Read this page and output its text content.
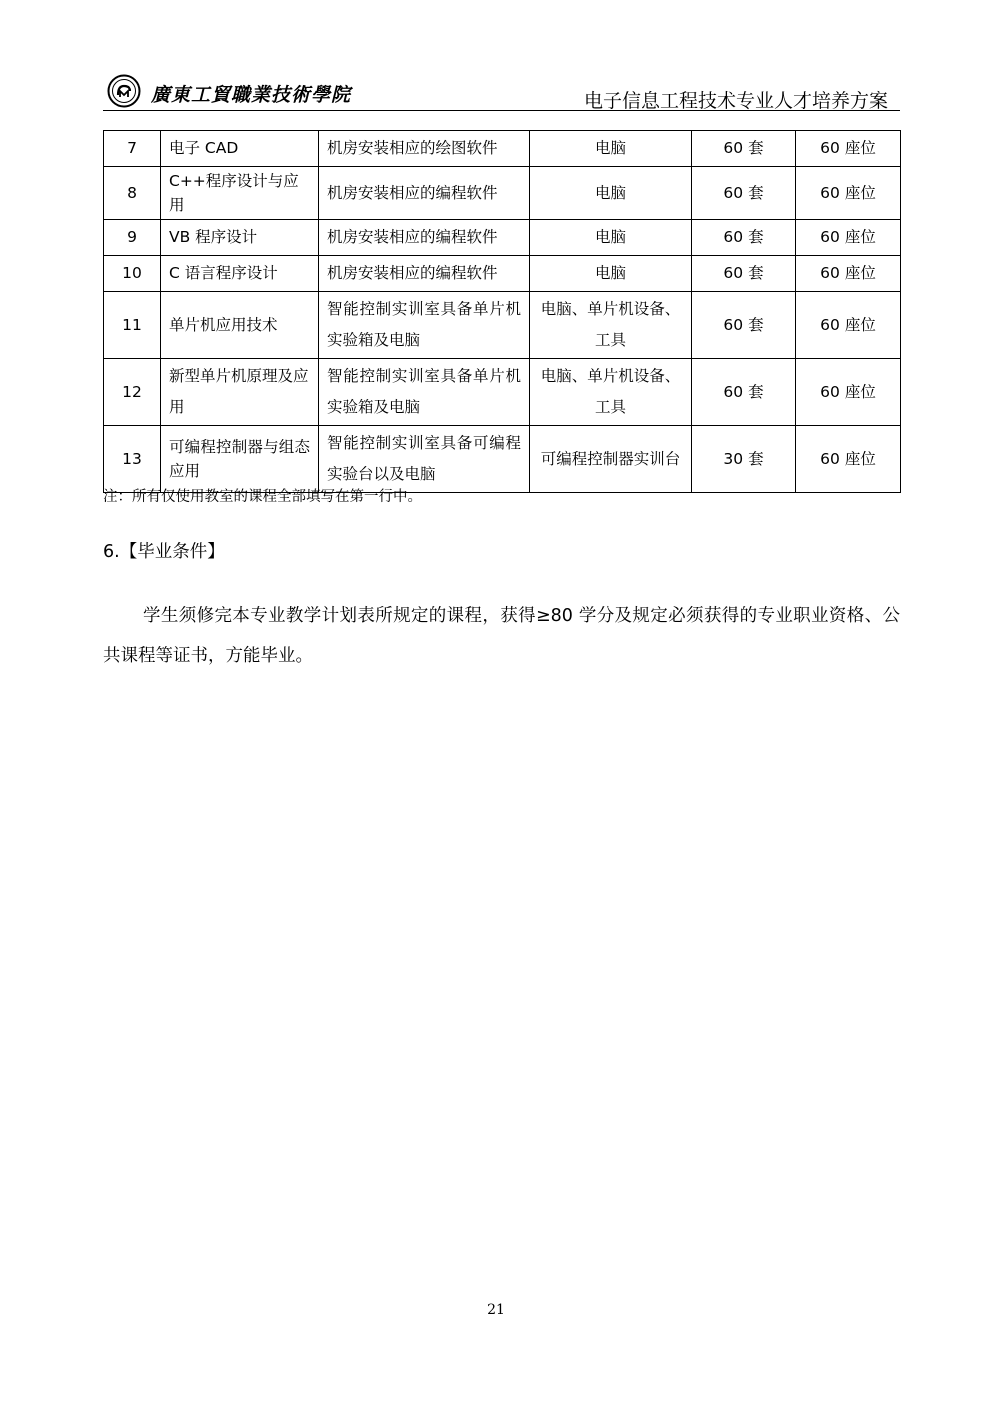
廣東工貿職業技術學院	电子信息工程技术专业人才培养方案
7	电子 CAD	机房安装相应的绘图软件	电脑	60 套	60 座位
8	C++程序设计与应用	机房安装相应的编程软件	电脑	60 套	60 座位
9	VB 程序设计	机房安装相应的编程软件	电脑	60 套	60 座位
10	C 语言程序设计	机房安装相应的编程软件	电脑	60 套	60 座位
11	单片机应用技术	智能控制实训室具备单片机实验箱及电脑	电脑、单片机设备、工具	60 套	60 座位
12	新型单片机原理及应用	智能控制实训室具备单片机实验箱及电脑	电脑、单片机设备、工具	60 套	60 座位
13	可编程控制器与组态应用	智能控制实训室具备可编程实验台以及电脑	可编程控制器实训台	30 套	60 座位
注：所有仅使用教室的课程全部填写在第一行中。
6.【毕业条件】
学生须修完本专业教学计划表所规定的课程，获得≥80 学分及规定必须获得的专业职业资格、公共课程等证书，方能毕业。
21
